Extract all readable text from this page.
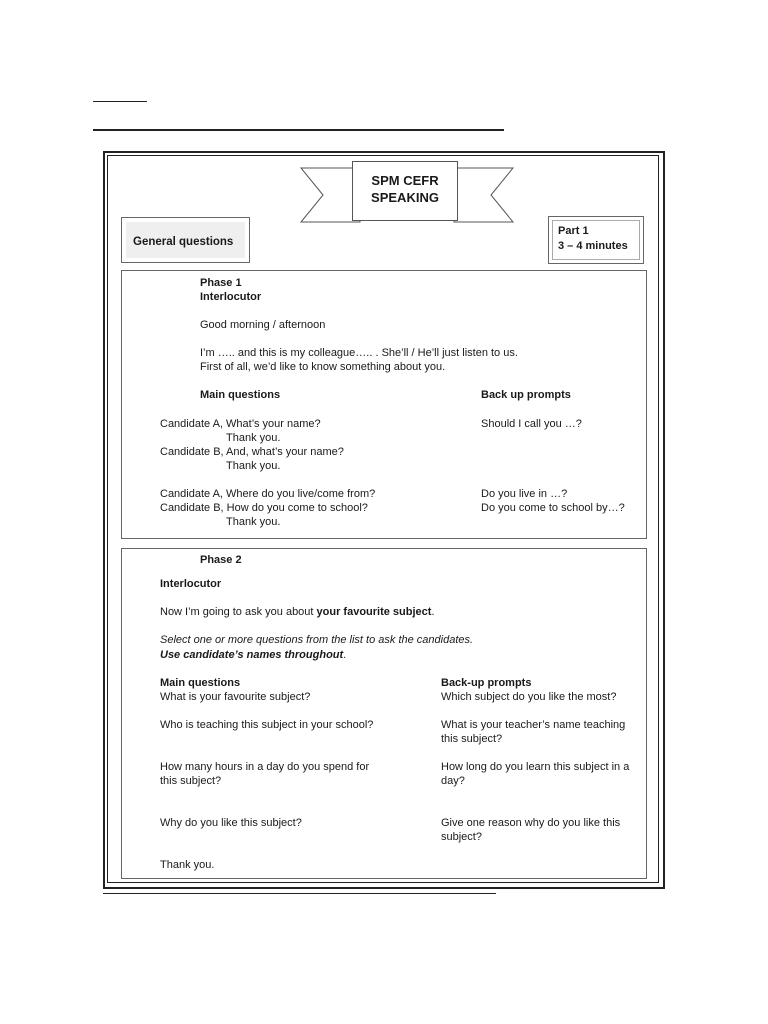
SPM CEFR
SPEAKING
General questions
Part 1
3 – 4 minutes
Phase 1
Interlocutor
Good morning / afternoon
I’m ….. and this is my colleague….. . She’ll / He’ll just listen to us.
First of all, we’d like to know something about you.
Main questions	Back up prompts
Candidate A, What’s your name?
Thank you.
Candidate B, And, what’s your name?
Thank you.
Candidate A, Where do you live/come from?
Candidate B, How do you come to school?
Thank you.
Should I call you …?
Do you live in …?
Do you come to school by…?
Phase 2
Interlocutor
Now I’m going to ask you about your favourite subject.
Select one or more questions from the list to ask the candidates.
Use candidate’s names throughout.
Main questions	Back-up prompts
What is your favourite subject?
Who is teaching this subject in your school?
How many hours in a day do you spend for
this subject?
Why do you like this subject?
Which subject do you like the most?
What is your teacher’s name teaching
this subject?
How long do you learn this subject in a
day?
Give one reason why do you like this
subject?
Thank you.
